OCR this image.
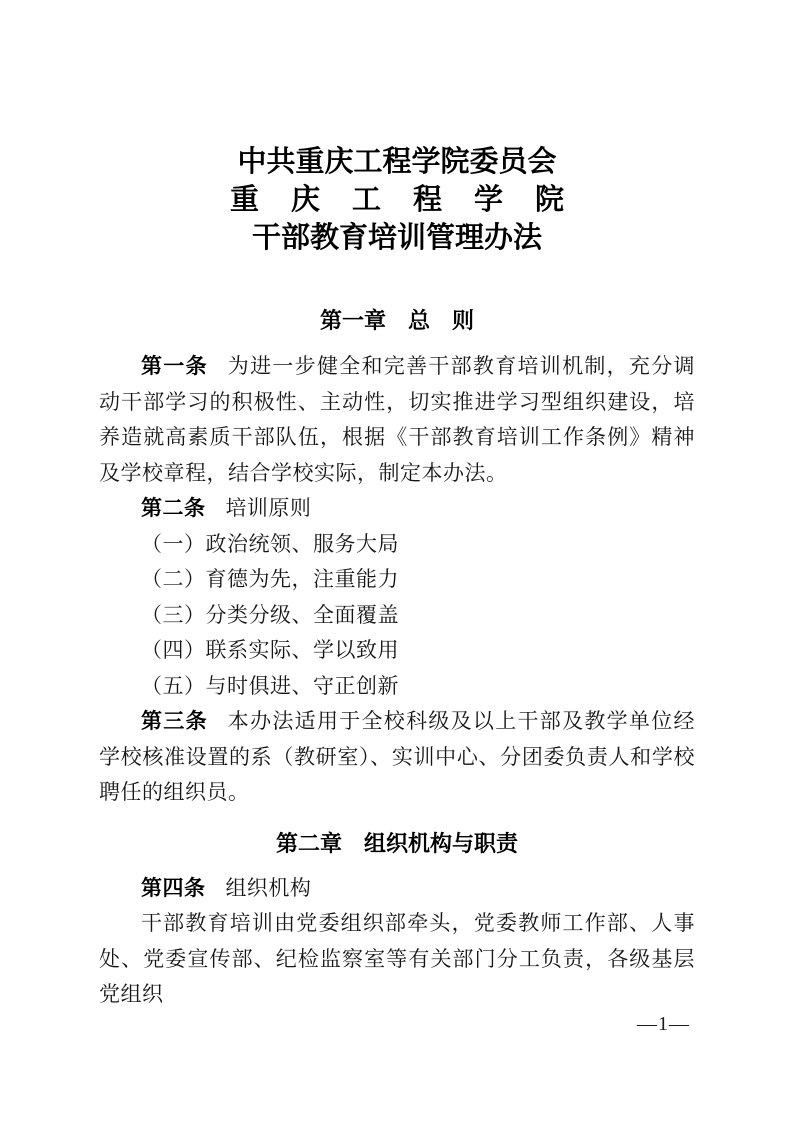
中共重庆工程学院委员会
重庆工程学院
干部教育培训管理办法
第一章　总　则

第一条 为进一步健全和完善干部教育培训机制，充分调动干部学习的积极性、主动性，切实推进学习型组织建设，培养造就高素质干部队伍，根据《干部教育培训工作条例》精神及学校章程，结合学校实际，制定本办法。

第二条 培训原则

（一）政治统领、服务大局

（二）育德为先，注重能力

（三）分类分级、全面覆盖

（四）联系实际、学以致用

（五）与时俱进、守正创新

第三条 本办法适用于全校科级及以上干部及教学单位经学校核准设置的系（教研室）、实训中心、分团委负责人和学校聘任的组织员。

第二章　组织机构与职责

第四条 组织机构

干部教育培训由党委组织部牵头，党委教师工作部、人事处、党委宣传部、纪检监察室等有关部门分工负责，各级基层党组织

—1—
